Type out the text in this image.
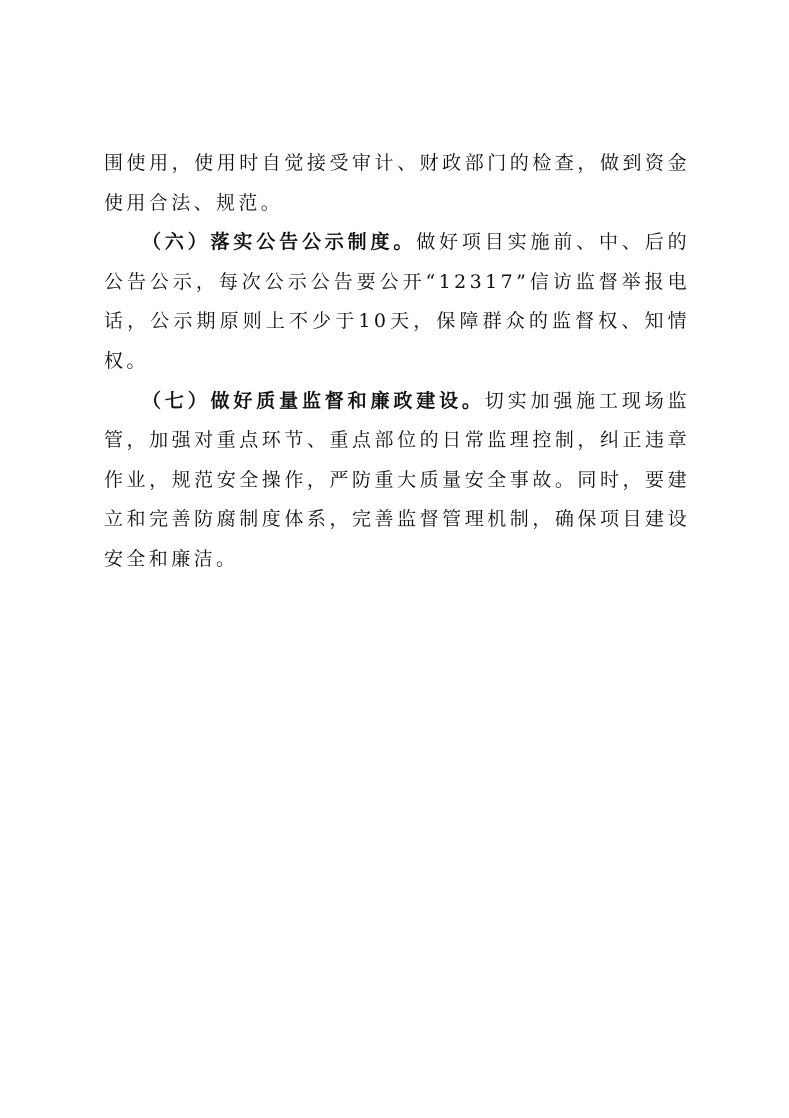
围使用，使用时自觉接受审计、财政部门的检查，做到资金使用合法、规范。

（六）落实公告公示制度。做好项目实施前、中、后的公告公示，每次公示公告要公开“12317”信访监督举报电话，公示期原则上不少于10天，保障群众的监督权、知情权。

（七）做好质量监督和廉政建设。切实加强施工现场监管，加强对重点环节、重点部位的日常监理控制，纠正违章作业，规范安全操作，严防重大质量安全事故。同时，要建立和完善防腐制度体系，完善监督管理机制，确保项目建设安全和廉洁。
